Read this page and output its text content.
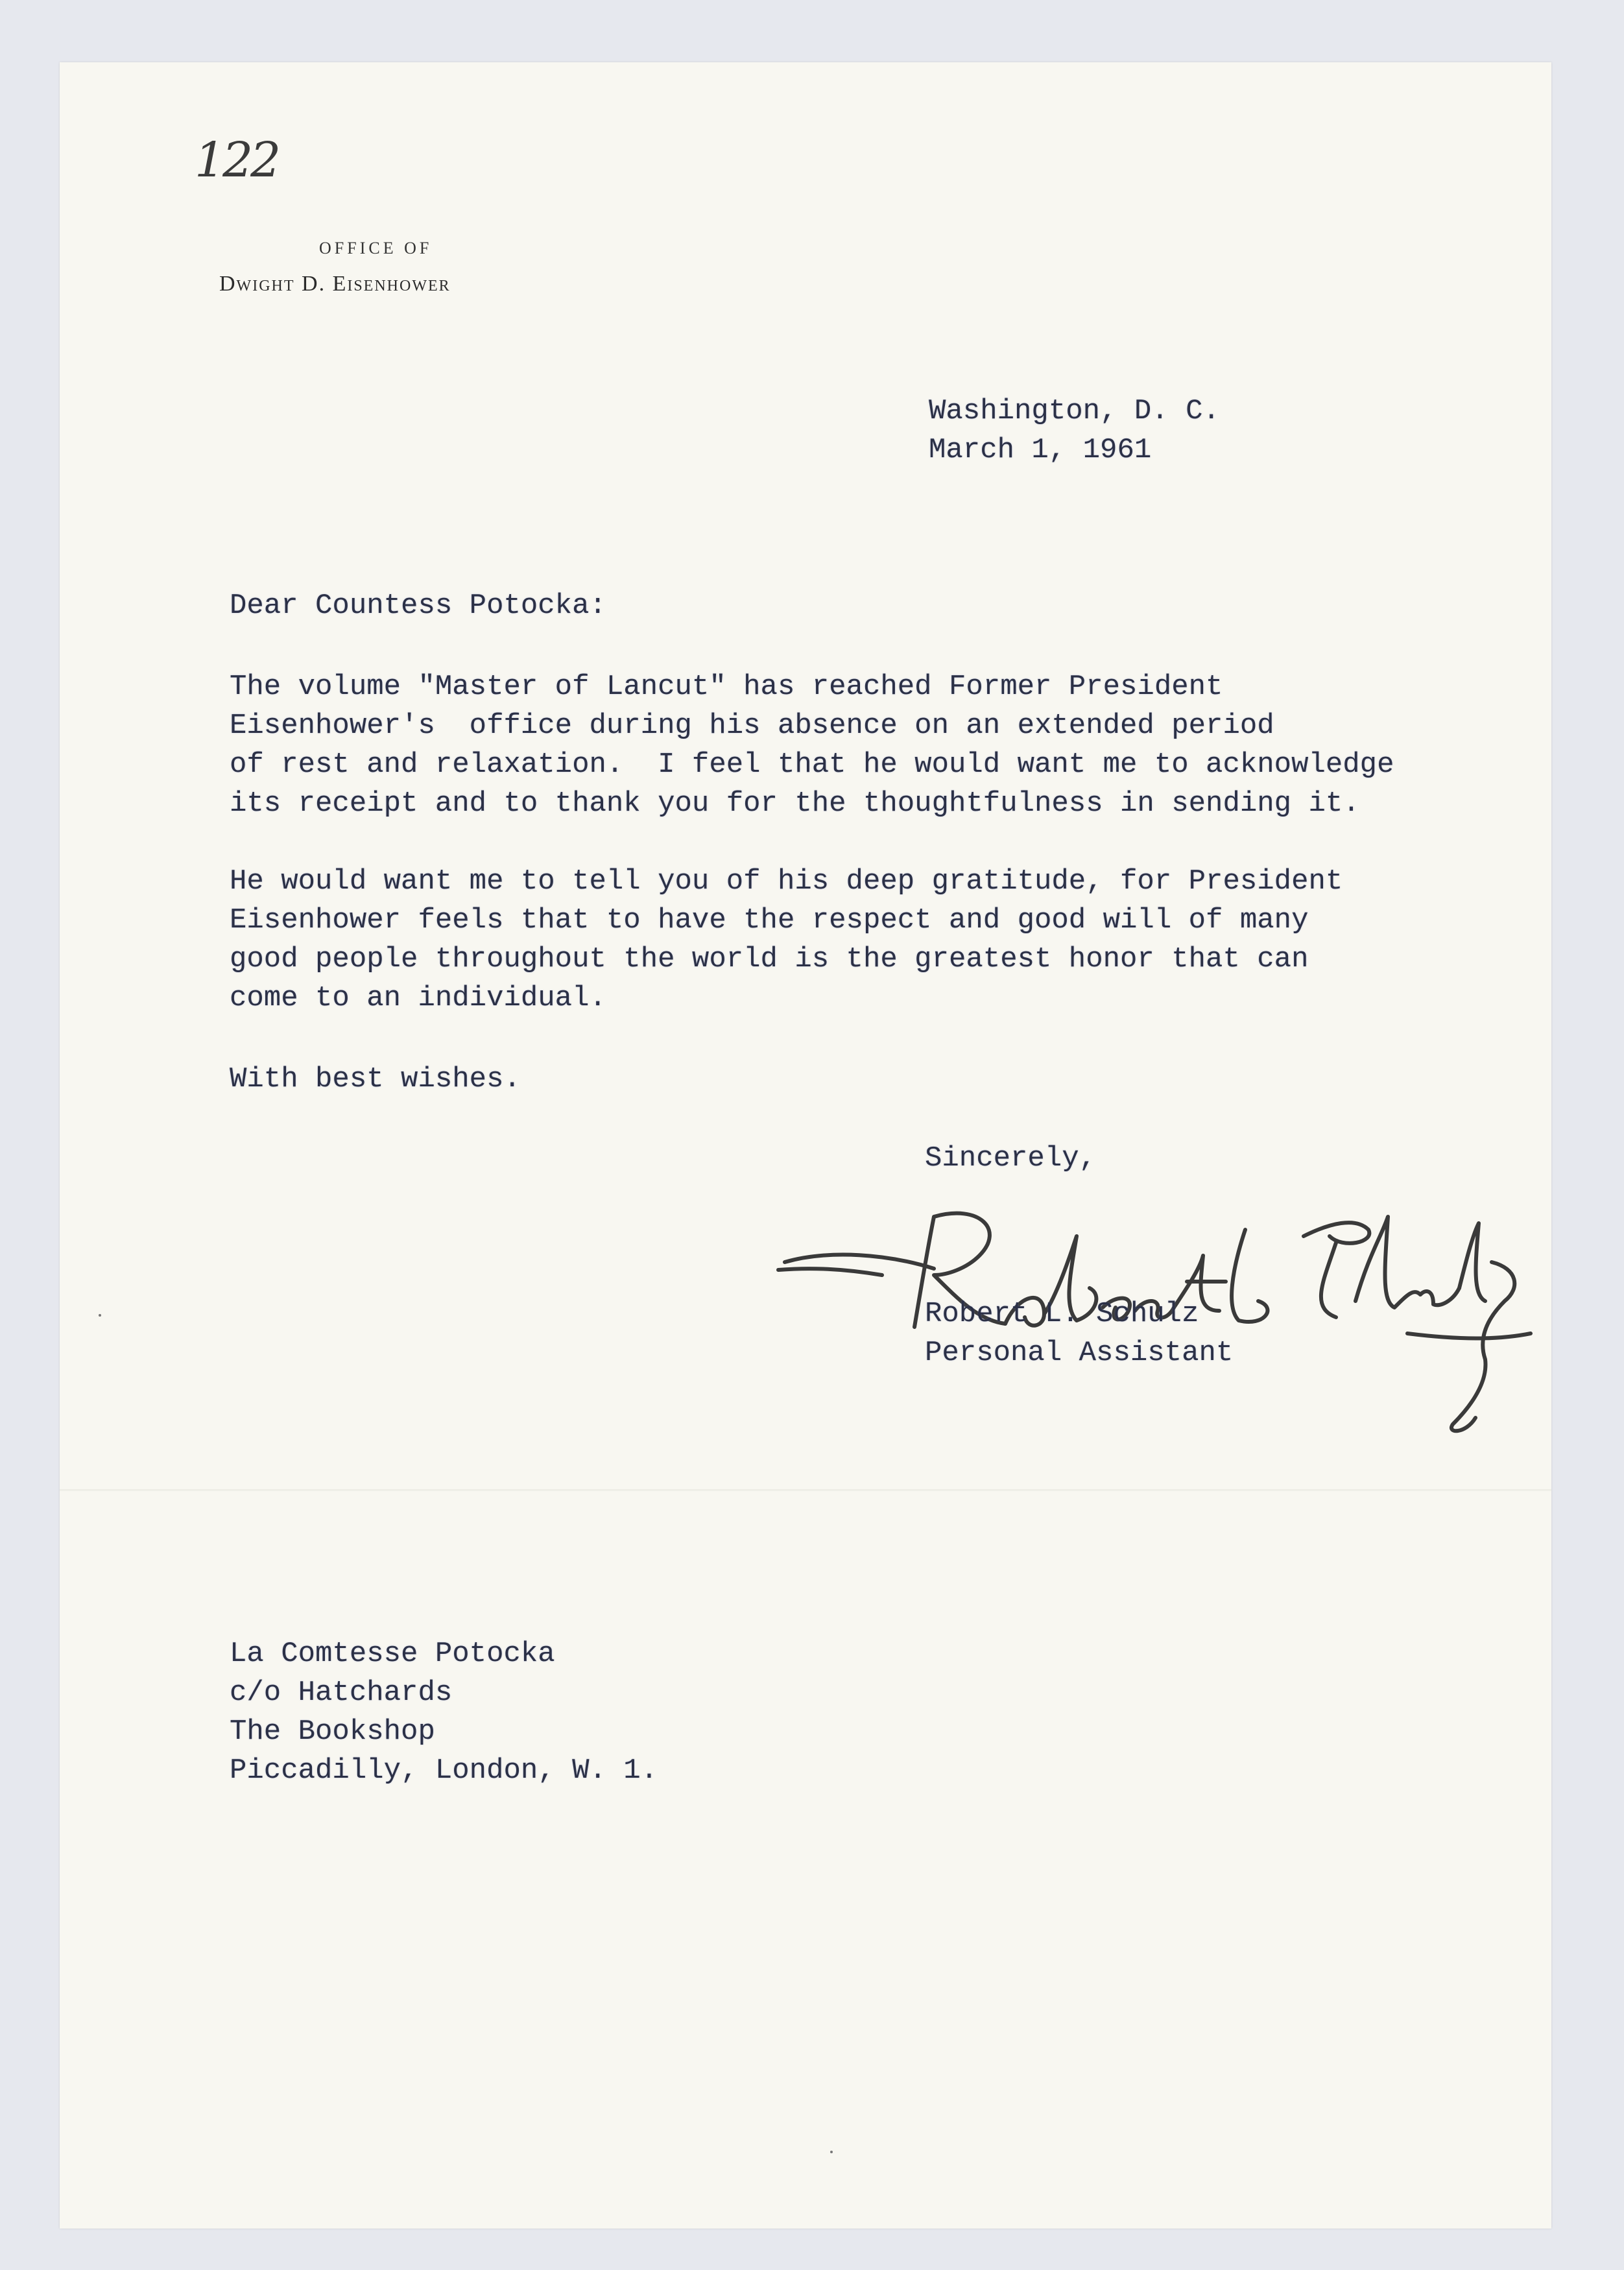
122
OFFICE OF
Dwight D. Eisenhower
Washington, D. C.
March 1, 1961
Dear Countess Potocka:
The volume "Master of Lancut" has reached Former President
Eisenhower's  office during his absence on an extended period
of rest and relaxation.  I feel that he would want me to acknowledge
its receipt and to thank you for the thoughtfulness in sending it.
He would want me to tell you of his deep gratitude, for President
Eisenhower feels that to have the respect and good will of many
good people throughout the world is the greatest honor that can
come to an individual.
With best wishes.
Sincerely,
Robert L. Schulz
Personal Assistant
La Comtesse Potocka
c/o Hatchards
The Bookshop
Piccadilly, London, W. 1.
